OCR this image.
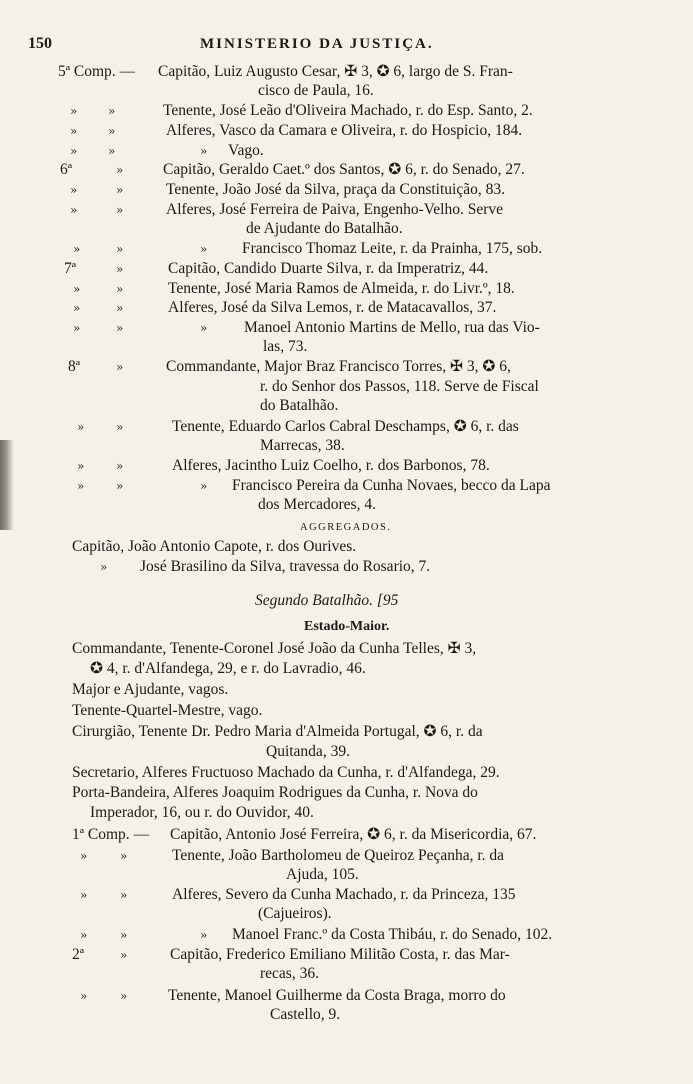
150	MINISTERIO DA JUSTIÇA.
5ª Comp. — Capitão, Luiz Augusto Cesar, ✠ 3, ✪ 6, largo de S. Fran-
cisco de Paula, 16.
»	»	Tenente, José Leão d'Oliveira Machado, r. do Esp. Santo, 2.
»	»	Alferes, Vasco da Camara e Oliveira, r. do Hospicio, 184.
»	»	» Vago.
6ª	»	Capitão, Geraldo Caet.º dos Santos, ✪ 6, r. do Senado, 27.
»	»	Tenente, João José da Silva, praça da Constituição, 83.
»	»	Alferes, José Ferreira de Paiva, Engenho-Velho. Serve
de Ajudante do Batalhão.
»	»	» Francisco Thomaz Leite, r. da Prainha, 175, sob.
7ª	»	Capitão, Candido Duarte Silva, r. da Imperatriz, 44.
»	»	Tenente, José Maria Ramos de Almeida, r. do Livr.º, 18.
»	»	Alferes, José da Silva Lemos, r. de Matacavallos, 37.
»	»	» Manoel Antonio Martins de Mello, rua das Vio-
las, 73.
8ª	»	Commandante, Major Braz Francisco Torres, ✠ 3, ✪ 6,
r. do Senhor dos Passos, 118. Serve de Fiscal
do Batalhão.
»	»	Tenente, Eduardo Carlos Cabral Deschamps, ✪ 6, r. das
Marrecas, 38.
»	»	Alferes, Jacintho Luiz Coelho, r. dos Barbonos, 78.
»	»	» Francisco Pereira da Cunha Novaes, becco da Lapa
dos Mercadores, 4.
AGGREGADOS.
Capitão, João Antonio Capote, r. dos Ourives.
» José Brasilino da Silva, travessa do Rosario, 7.
Segundo Batalhão. [95
Estado-Maior.
Commandante, Tenente-Coronel José João da Cunha Telles, ✠ 3,
✪ 4, r. d'Alfandega, 29, e r. do Lavradio, 46.
Major e Ajudante, vagos.
Tenente-Quartel-Mestre, vago.
Cirurgião, Tenente Dr. Pedro Maria d'Almeida Portugal, ✪ 6, r. da
Quitanda, 39.
Secretario, Alferes Fructuoso Machado da Cunha, r. d'Alfandega, 29.
Porta-Bandeira, Alferes Joaquim Rodrigues da Cunha, r. Nova do
Imperador, 16, ou r. do Ouvidor, 40.
1ª Comp. — Capitão, Antonio José Ferreira, ✪ 6, r. da Misericordia, 67.
»	»	Tenente, João Bartholomeu de Queiroz Peçanha, r. da
Ajuda, 105.
»	»	Alferes, Severo da Cunha Machado, r. da Princeza, 135
(Cajueiros).
»	»	» Manoel Franc.º da Costa Thibáu, r. do Senado, 102.
2ª	»	Capitão, Frederico Emiliano Militão Costa, r. das Mar-
recas, 36.
»	»	Tenente, Manoel Guilherme da Costa Braga, morro do
Castello, 9.
